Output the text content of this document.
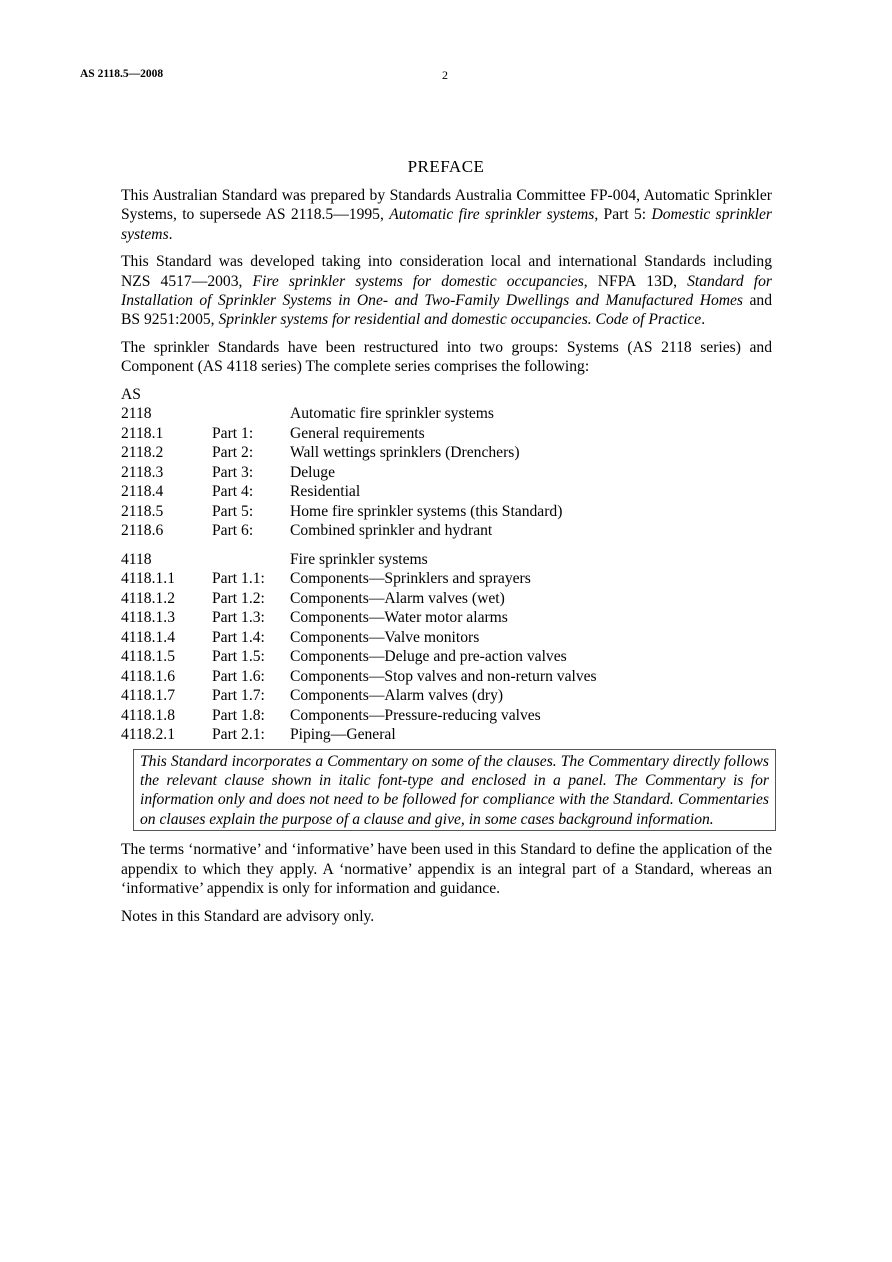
AS 2118.5—2008	2
PREFACE

This Australian Standard was prepared by Standards Australia Committee FP-004, Automatic Sprinkler Systems, to supersede AS 2118.5—1995, Automatic fire sprinkler systems, Part 5: Domestic sprinkler systems.

This Standard was developed taking into consideration local and international Standards including NZS 4517—2003, Fire sprinkler systems for domestic occupancies, NFPA 13D, Standard for Installation of Sprinkler Systems in One- and Two-Family Dwellings and Manufactured Homes and BS 9251:2005, Sprinkler systems for residential and domestic occupancies. Code of Practice.

The sprinkler Standards have been restructured into two groups: Systems (AS 2118 series) and Component (AS 4118 series) The complete series comprises the following:

AS
2118	Automatic fire sprinkler systems
2118.1	Part 1:	General requirements
2118.2	Part 2:	Wall wettings sprinklers (Drenchers)
2118.3	Part 3:	Deluge
2118.4	Part 4:	Residential
2118.5	Part 5:	Home fire sprinkler systems (this Standard)
2118.6	Part 6:	Combined sprinkler and hydrant
4118	Fire sprinkler systems
4118.1.1	Part 1.1:	Components—Sprinklers and sprayers
4118.1.2	Part 1.2:	Components—Alarm valves (wet)
4118.1.3	Part 1.3:	Components—Water motor alarms
4118.1.4	Part 1.4:	Components—Valve monitors
4118.1.5	Part 1.5:	Components—Deluge and pre-action valves
4118.1.6	Part 1.6:	Components—Stop valves and non-return valves
4118.1.7	Part 1.7:	Components—Alarm valves (dry)
4118.1.8	Part 1.8:	Components—Pressure-reducing valves
4118.2.1	Part 2.1:	Piping—General
This Standard incorporates a Commentary on some of the clauses. The Commentary directly follows the relevant clause shown in italic font-type and enclosed in a panel. The Commentary is for information only and does not need to be followed for compliance with the Standard. Commentaries on clauses explain the purpose of a clause and give, in some cases background information.

The terms ‘normative’ and ‘informative’ have been used in this Standard to define the application of the appendix to which they apply. A ‘normative’ appendix is an integral part of a Standard, whereas an ‘informative’ appendix is only for information and guidance.

Notes in this Standard are advisory only.
